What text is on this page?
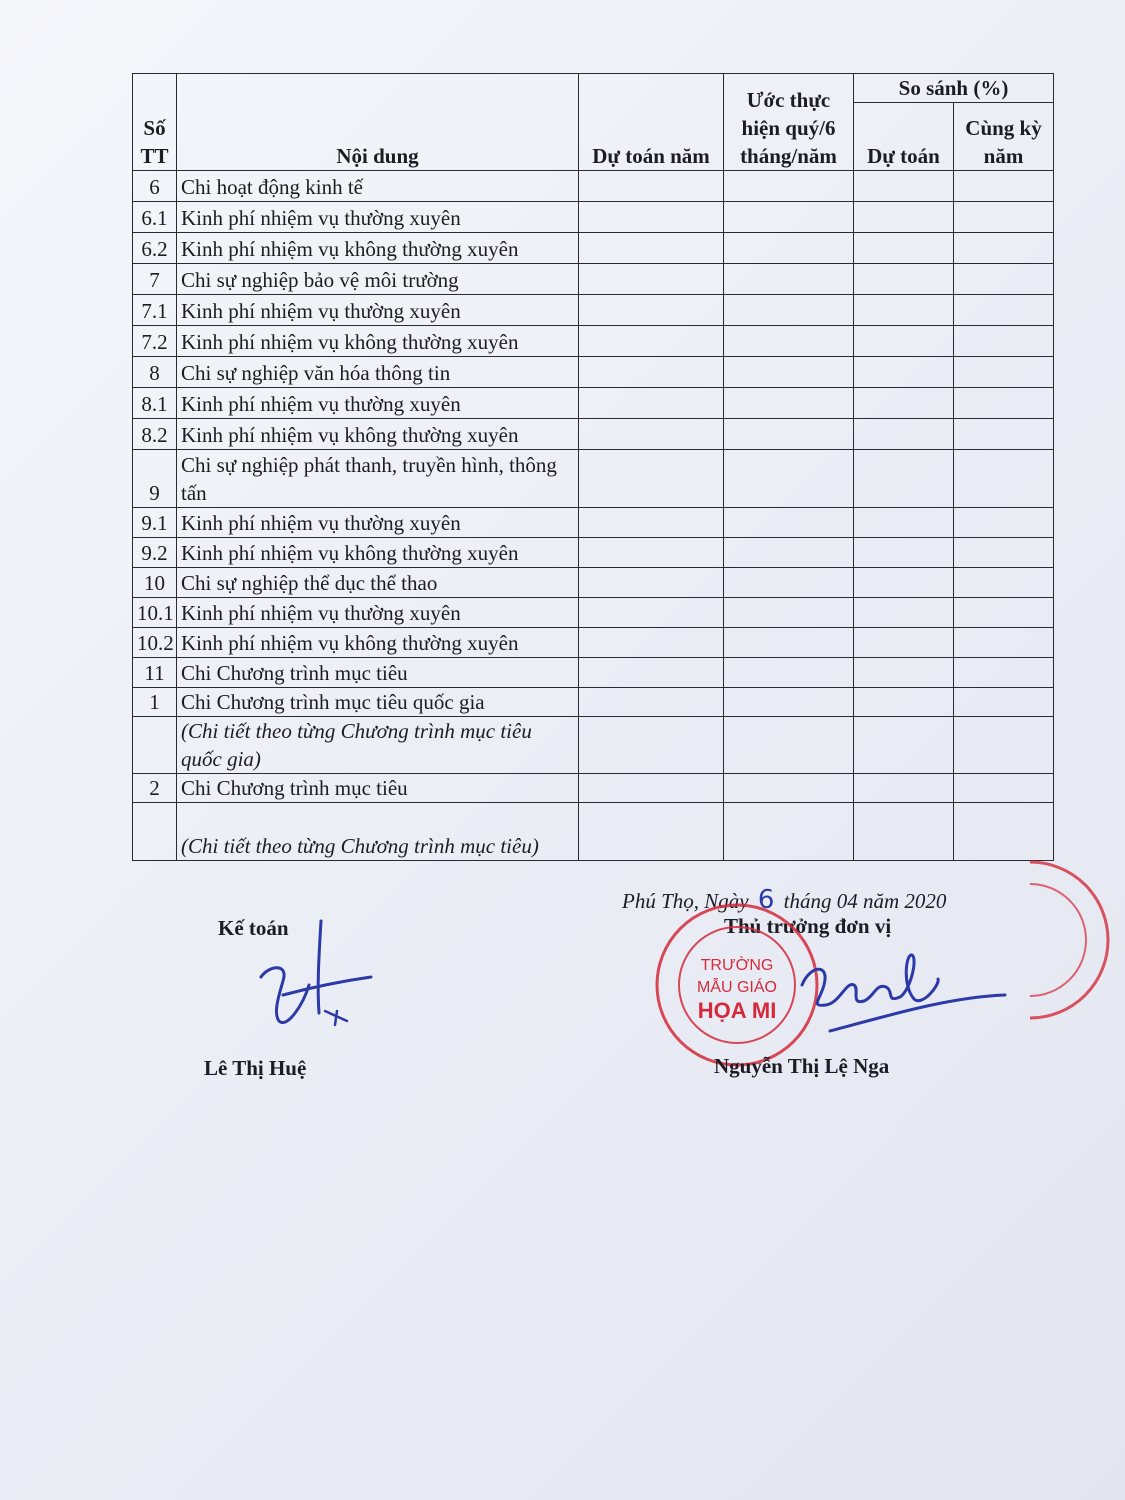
Số TT	Nội dung	Dự toán năm	Ước thực hiện quý/6 tháng/năm	So sánh (%)	
				Dự toán	Cùng kỳ năm
6	Chi hoạt động kinh tế				
6.1	Kinh phí nhiệm vụ thường xuyên				
6.2	Kinh phí nhiệm vụ không thường xuyên				
7	Chi sự nghiệp bảo vệ môi trường				
7.1	Kinh phí nhiệm vụ thường xuyên				
7.2	Kinh phí nhiệm vụ không thường xuyên				
8	Chi sự nghiệp văn hóa thông tin				
8.1	Kinh phí nhiệm vụ thường xuyên				
8.2	Kinh phí nhiệm vụ không thường xuyên				
9	Chi sự nghiệp phát thanh, truyền hình, thông tấn				
9.1	Kinh phí nhiệm vụ thường xuyên				
9.2	Kinh phí nhiệm vụ không thường xuyên				
10	Chi sự nghiệp thể dục thể thao				
10.1	Kinh phí nhiệm vụ thường xuyên				
10.2	Kinh phí nhiệm vụ không thường xuyên				
11	Chi Chương trình mục tiêu				
1	Chi Chương trình mục tiêu quốc gia				
	(Chi tiết theo từng Chương trình mục tiêu quốc gia)				
2	Chi Chương trình mục tiêu				
	(Chi tiết theo từng Chương trình mục tiêu)				
Phú Thọ, Ngày 6 tháng 04 năm 2020
Kế toán	Thủ trưởng đơn vị
TRƯỜNG
MẪU GIÁO
HỌA MI
Lê Thị Huệ	Nguyễn Thị Lệ Nga
